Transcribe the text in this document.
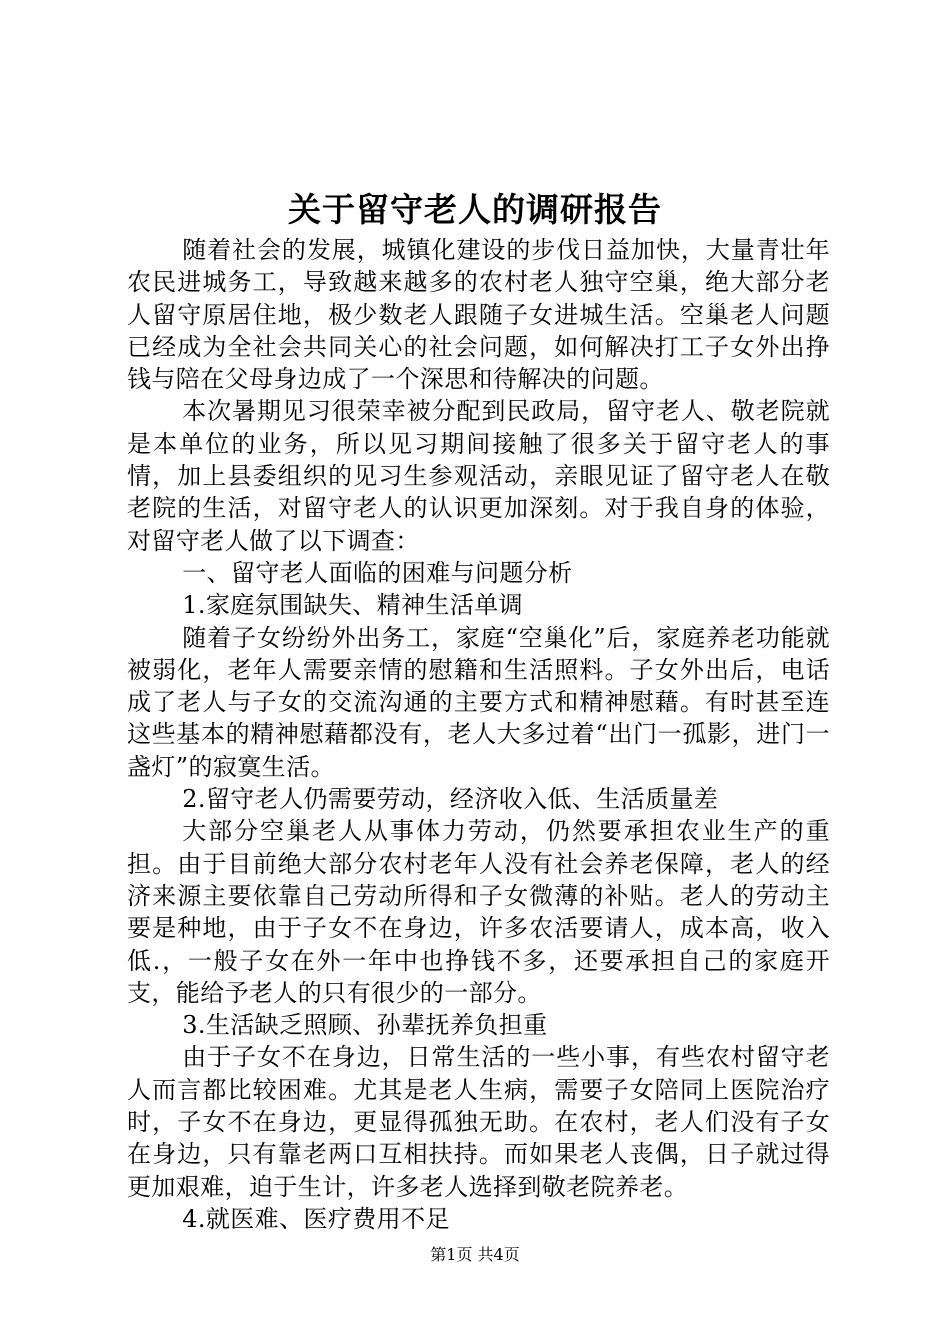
关于留守老人的调研报告

随着社会的发展，城镇化建设的步伐日益加快，大量青壮年农民进城务工，导致越来越多的农村老人独守空巢，绝大部分老人留守原居住地，极少数老人跟随子女进城生活。空巢老人问题已经成为全社会共同关心的社会问题，如何解决打工子女外出挣钱与陪在父母身边成了一个深思和待解决的问题。

本次暑期见习很荣幸被分配到民政局，留守老人、敬老院就是本单位的业务，所以见习期间接触了很多关于留守老人的事情，加上县委组织的见习生参观活动，亲眼见证了留守老人在敬老院的生活，对留守老人的认识更加深刻。对于我自身的体验，对留守老人做了以下调查：

一、留守老人面临的困难与问题分析

1.家庭氛围缺失、精神生活单调

随着子女纷纷外出务工，家庭“空巢化”后，家庭养老功能就被弱化，老年人需要亲情的慰籍和生活照料。子女外出后，电话成了老人与子女的交流沟通的主要方式和精神慰藉。有时甚至连这些基本的精神慰藉都没有，老人大多过着“出门一孤影，进门一盏灯”的寂寞生活。

2.留守老人仍需要劳动，经济收入低、生活质量差

大部分空巢老人从事体力劳动，仍然要承担农业生产的重担。由于目前绝大部分农村老年人没有社会养老保障，老人的经济来源主要依靠自己劳动所得和子女微薄的补贴。老人的劳动主要是种地，由于子女不在身边，许多农活要请人，成本高，收入低.，一般子女在外一年中也挣钱不多，还要承担自己的家庭开支，能给予老人的只有很少的一部分。

3.生活缺乏照顾、孙辈抚养负担重

由于子女不在身边，日常生活的一些小事，有些农村留守老人而言都比较困难。尤其是老人生病，需要子女陪同上医院治疗时，子女不在身边，更显得孤独无助。在农村，老人们没有子女在身边，只有靠老两口互相扶持。而如果老人丧偶，日子就过得更加艰难，迫于生计，许多老人选择到敬老院养老。

4.就医难、医疗费用不足

第1页 共4页
